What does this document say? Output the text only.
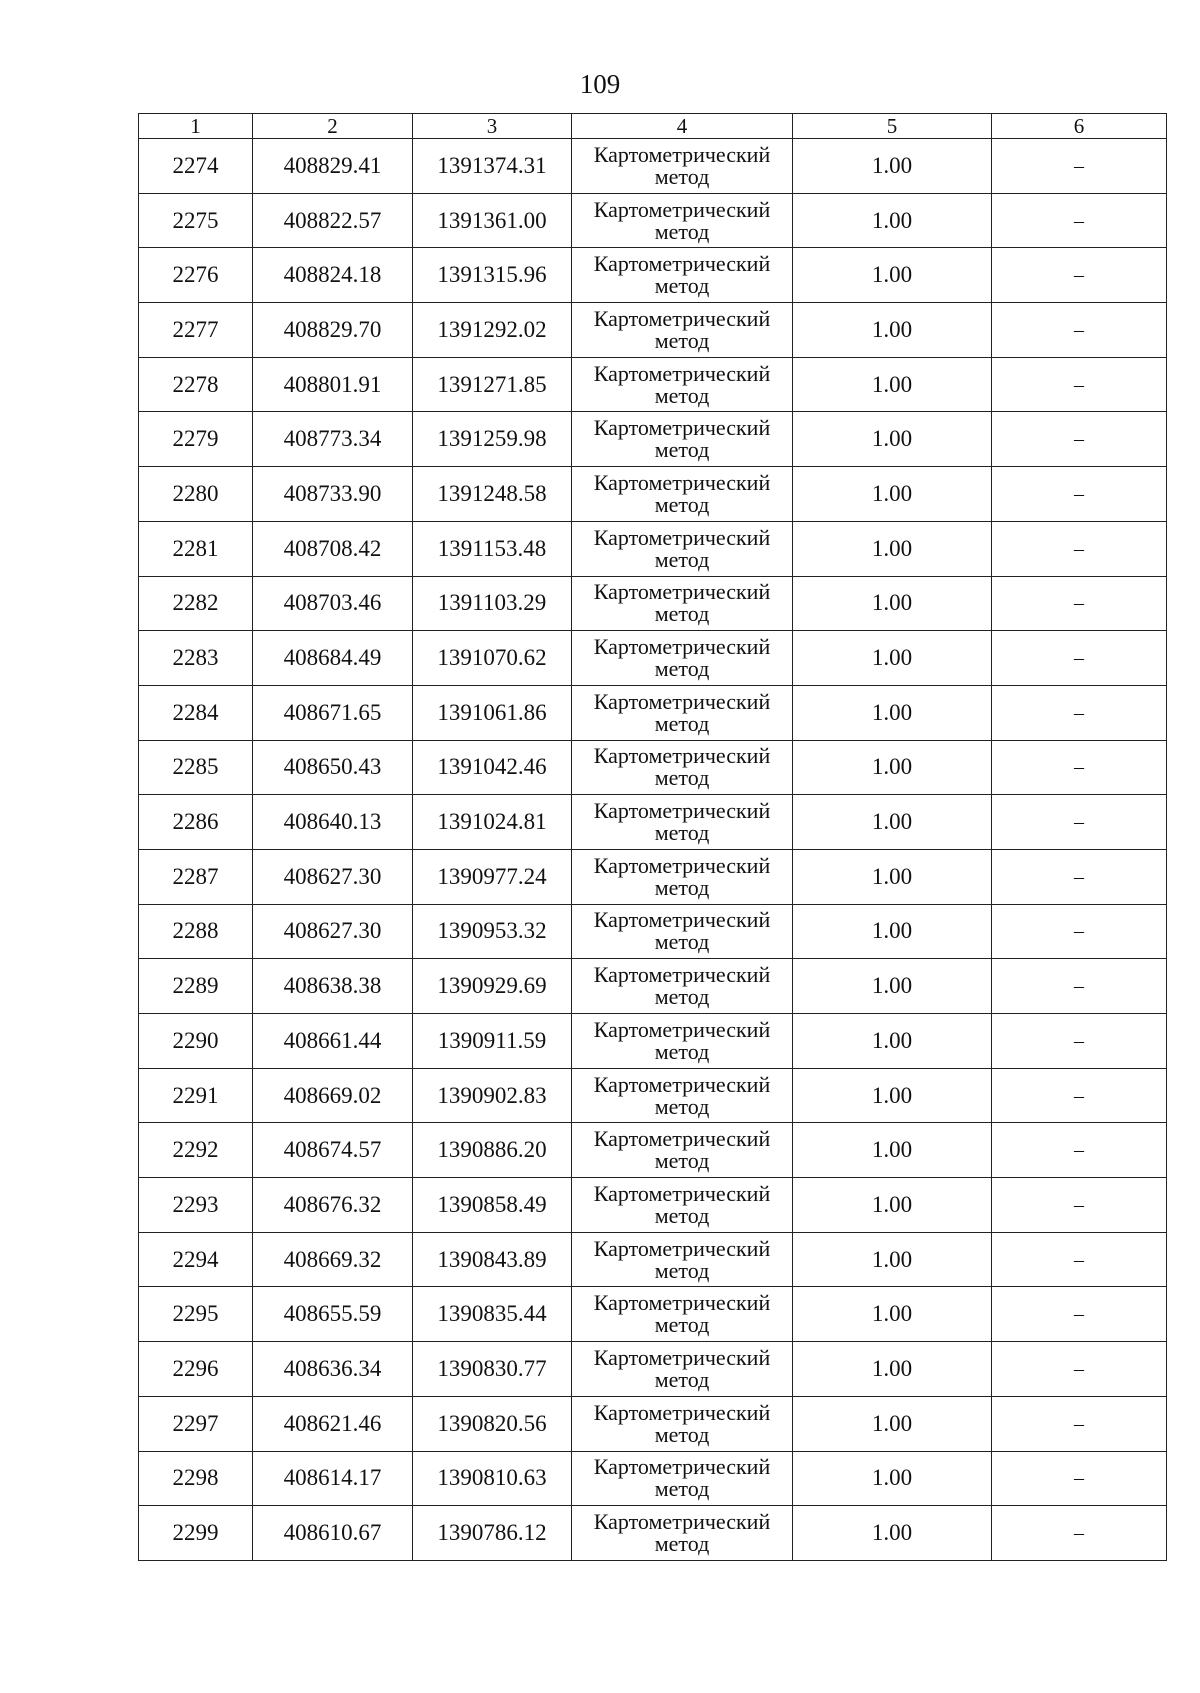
109
1	2	3	4	5	6
2274	408829.41	1391374.31	Картометрический метод	1.00	–
2275	408822.57	1391361.00	Картометрический метод	1.00	–
2276	408824.18	1391315.96	Картометрический метод	1.00	–
2277	408829.70	1391292.02	Картометрический метод	1.00	–
2278	408801.91	1391271.85	Картометрический метод	1.00	–
2279	408773.34	1391259.98	Картометрический метод	1.00	–
2280	408733.90	1391248.58	Картометрический метод	1.00	–
2281	408708.42	1391153.48	Картометрический метод	1.00	–
2282	408703.46	1391103.29	Картометрический метод	1.00	–
2283	408684.49	1391070.62	Картометрический метод	1.00	–
2284	408671.65	1391061.86	Картометрический метод	1.00	–
2285	408650.43	1391042.46	Картометрический метод	1.00	–
2286	408640.13	1391024.81	Картометрический метод	1.00	–
2287	408627.30	1390977.24	Картометрический метод	1.00	–
2288	408627.30	1390953.32	Картометрический метод	1.00	–
2289	408638.38	1390929.69	Картометрический метод	1.00	–
2290	408661.44	1390911.59	Картометрический метод	1.00	–
2291	408669.02	1390902.83	Картометрический метод	1.00	–
2292	408674.57	1390886.20	Картометрический метод	1.00	–
2293	408676.32	1390858.49	Картометрический метод	1.00	–
2294	408669.32	1390843.89	Картометрический метод	1.00	–
2295	408655.59	1390835.44	Картометрический метод	1.00	–
2296	408636.34	1390830.77	Картометрический метод	1.00	–
2297	408621.46	1390820.56	Картометрический метод	1.00	–
2298	408614.17	1390810.63	Картометрический метод	1.00	–
2299	408610.67	1390786.12	Картометрический метод	1.00	–
